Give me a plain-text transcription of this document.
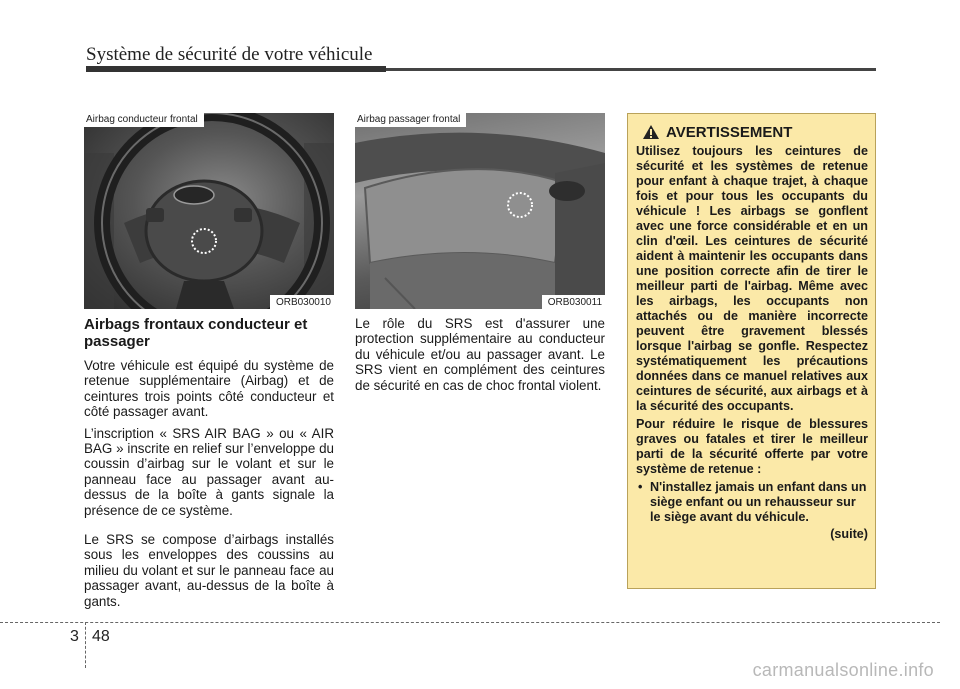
Système de sécurité de votre véhicule
Airbag conducteur frontal
ORB030010
Airbag passager frontal
ORB030011
Airbags frontaux conducteur et passager

Votre véhicule est équipé du système de retenue supplémentaire (Airbag) et de ceintures trois points côté conducteur et côté passager avant.

L’inscription « SRS AIR BAG » ou « AIR BAG » inscrite en relief sur l’enveloppe du coussin d’airbag sur le volant et sur le panneau face au passager avant au-dessus de la boîte à gants signale la présence de ce système.

Le SRS se compose d’airbags installés sous les enveloppes des coussins au milieu du volant et sur le panneau face au passager avant, au-dessus de la boîte à gants.

Le rôle du SRS est d'assurer une protection supplémentaire au conducteur du véhicule et/ou au passager avant. Le SRS vient en complément des ceintures de sécurité en cas de choc frontal violent.

AVERTISSEMENT

Utilisez toujours les ceintures de sécurité et les systèmes de retenue pour enfant à chaque trajet, à chaque fois et pour tous les occupants du véhicule ! Les airbags se gonflent avec une force considérable et en un clin d'œil. Les ceintures de sécurité aident à maintenir les occupants dans une position correcte afin de tirer le meilleur parti de l'airbag. Même avec les airbags, les occupants non attachés ou de manière incorrecte peuvent être gravement blessés lorsque l'airbag se gonfle. Respectez systématiquement les précautions données dans ce manuel relatives aux ceintures de sécurité, aux airbags et à la sécurité des occupants.

Pour réduire le risque de blessures graves ou fatales et tirer le meilleur parti de la sécurité offerte par votre système de retenue :

• N'installez jamais un enfant dans un siège enfant ou un rehausseur sur le siège avant du véhicule.
(suite)
3 48
carmanualsonline.info
